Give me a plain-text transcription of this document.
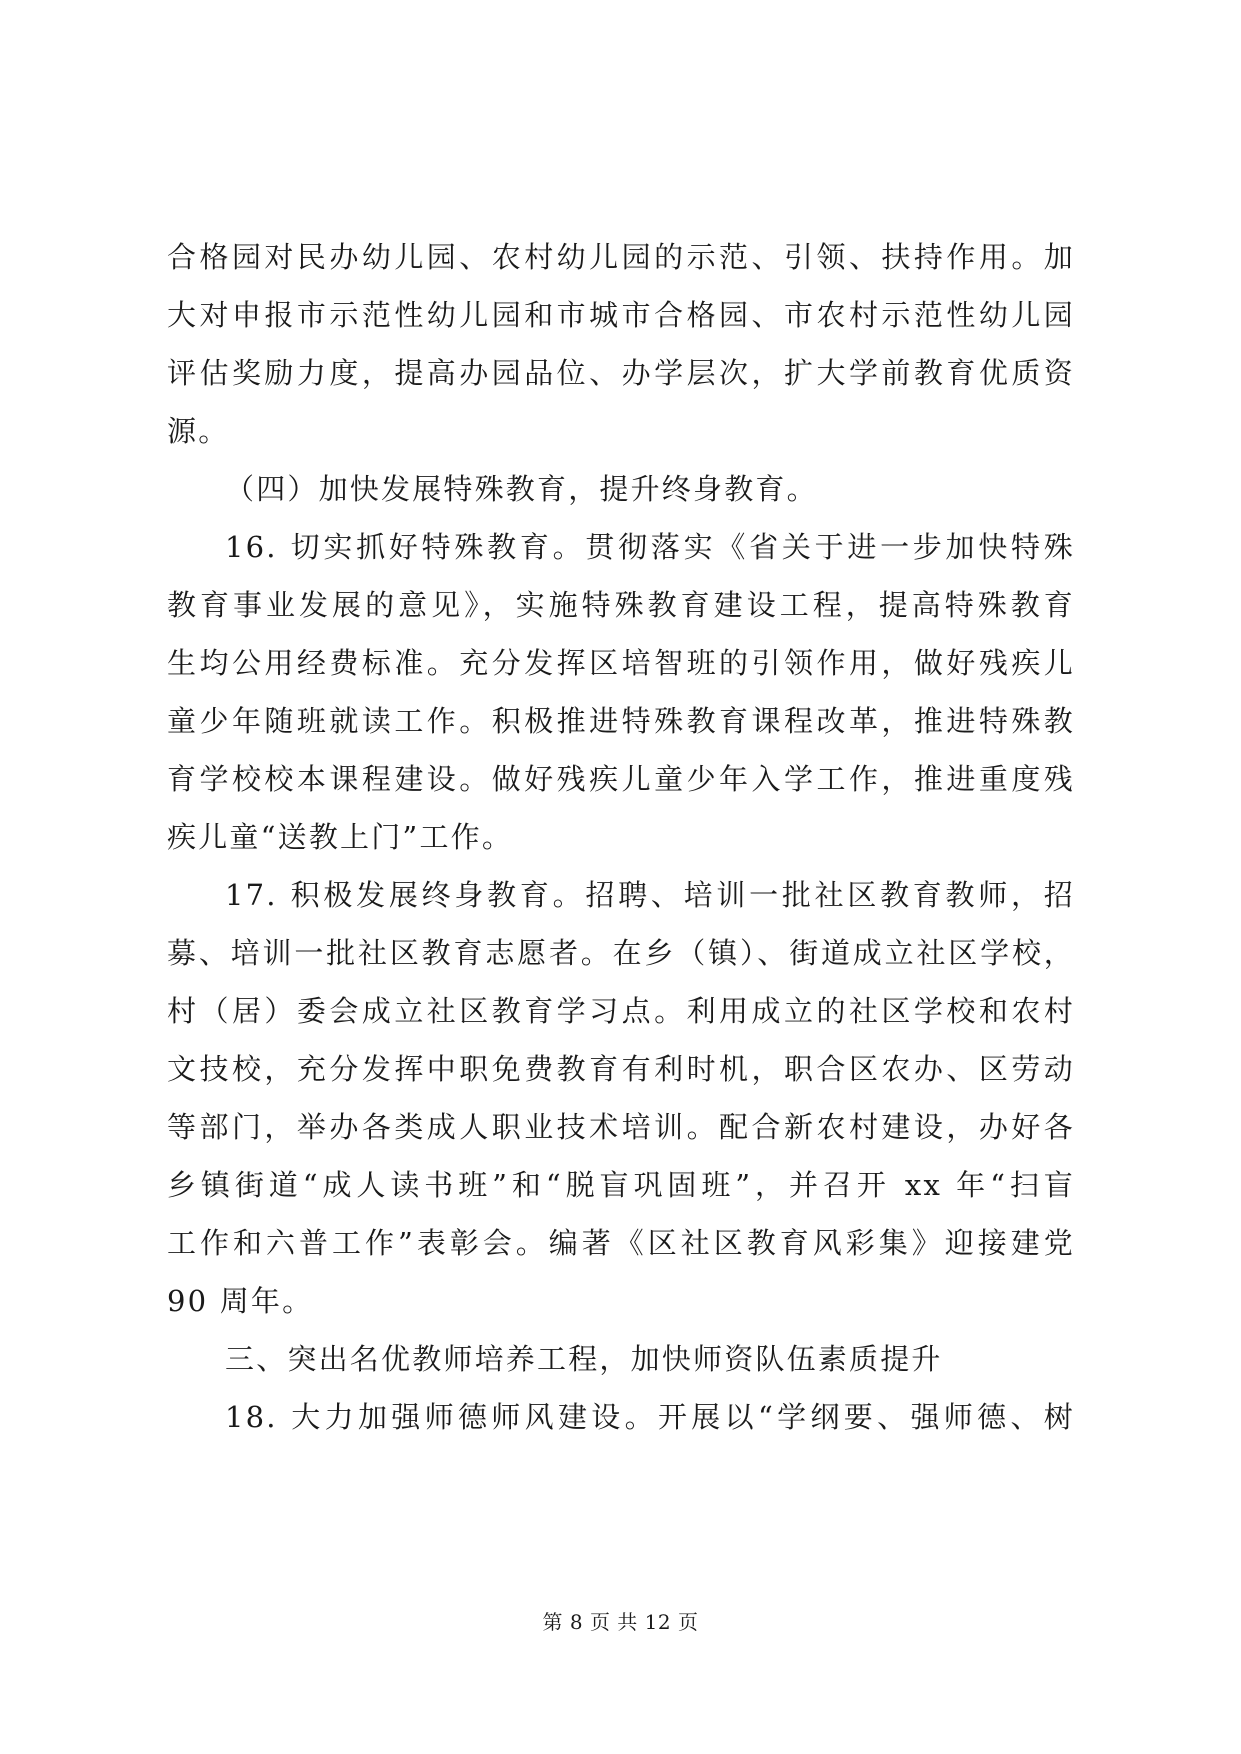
合格园对民办幼儿园、农村幼儿园的示范、引领、扶持作用。加
大对申报市示范性幼儿园和市城市合格园、市农村示范性幼儿园
评估奖励力度，提高办园品位、办学层次，扩大学前教育优质资
源。
（四）加快发展特殊教育，提升终身教育。
16. 切实抓好特殊教育。贯彻落实《省关于进一步加快特殊
教育事业发展的意见》，实施特殊教育建设工程，提高特殊教育
生均公用经费标准。充分发挥区培智班的引领作用，做好残疾儿
童少年随班就读工作。积极推进特殊教育课程改革，推进特殊教
育学校校本课程建设。做好残疾儿童少年入学工作，推进重度残
疾儿童“送教上门”工作。
17. 积极发展终身教育。招聘、培训一批社区教育教师，招
募、培训一批社区教育志愿者。在乡（镇）、街道成立社区学校，
村（居）委会成立社区教育学习点。利用成立的社区学校和农村
文技校，充分发挥中职免费教育有利时机，职合区农办、区劳动
等部门，举办各类成人职业技术培训。配合新农村建设，办好各
乡镇街道“成人读书班”和“脱盲巩固班”，并召开 xx 年“扫盲
工作和六普工作”表彰会。编著《区社区教育风彩集》迎接建党
90 周年。
三、突出名优教师培养工程，加快师资队伍素质提升
18. 大力加强师德师风建设。开展以“学纲要、强师德、树
第 8 页 共 12 页
